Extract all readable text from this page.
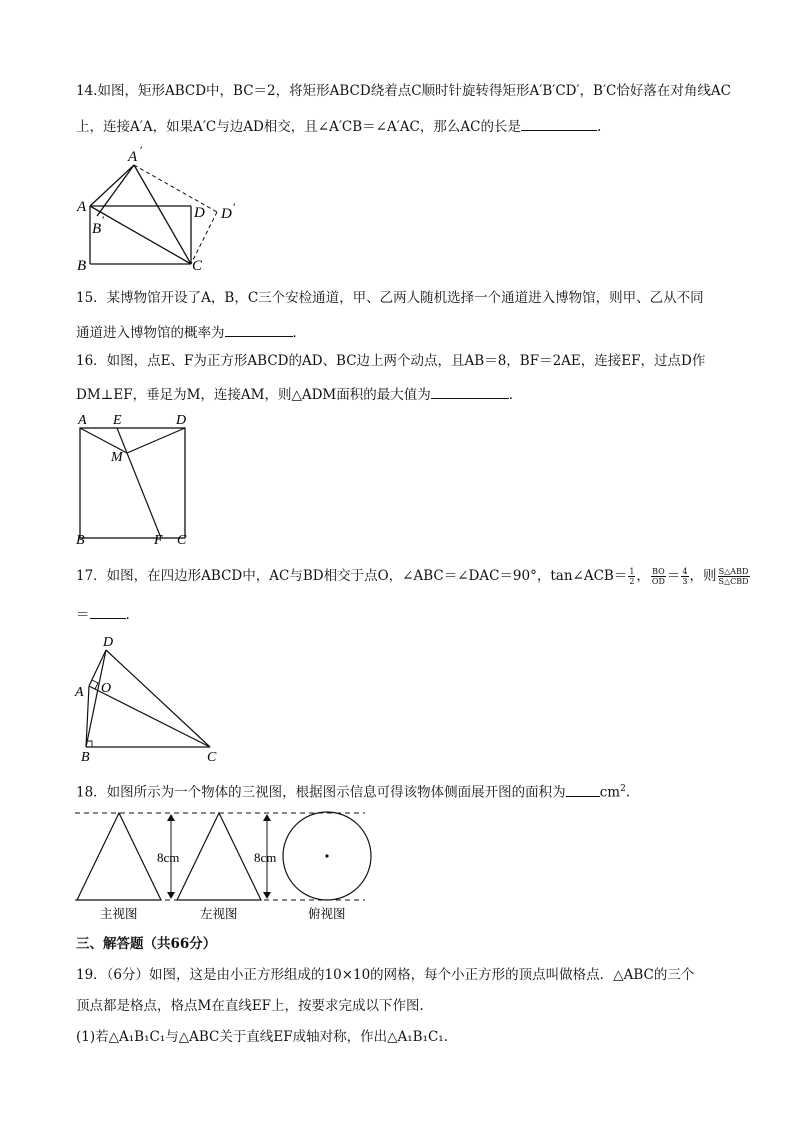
14.如图，矩形ABCD中，BC＝2，将矩形ABCD绕着点C顺时针旋转得矩形A′B′CD′，B′C恰好落在对角线AC
上，连接A′A，如果A′C与边AD相交，且∠A′CB＝∠A′AC，那么AC的长是	.
A
A ′
B
′
B	C
D D ′
15．某博物馆开设了A，B，C三个安检通道，甲、乙两人随机选择一个通道进入博物馆，则甲、乙从不同
通道进入博物馆的概率为	．
16．如图，点E、F为正方形ABCD的AD、BC边上两个动点，且AB＝8，BF＝2AE，连接EF，过点D作
DM⊥EF，垂足为M，连接AM，则△ADM面积的最大值为	．
A E	D
M
B	F C
17．如图，在四边形ABCD中，AC与BD相交于点O，∠ABC＝∠DAC＝90°，tan∠ACB＝ $\frac{1}{2}$ ， $\frac{BO}{OD} = \frac{4}{3}$ ，则 $\frac{\text{S△ABD}}{\text{S△CBD}}$
＝	.
D
A O
B	C
18．如图所示为一个物体的三视图，根据图示信息可得该物体侧面展开图的面积为	$cm^2$.
8cm	8cm
主视图	左视图	俯视图
三、解答题（共66分）
19．（6分）如图，这是由小正方形组成的10×10的网格，每个小正方形的顶点叫做格点．△ABC的三个
顶点都是格点，格点M在直线EF上，按要求完成以下作图.
(1)若△A₁B₁C₁与△ABC关于直线EF成轴对称，作出△A₁B₁C₁.
